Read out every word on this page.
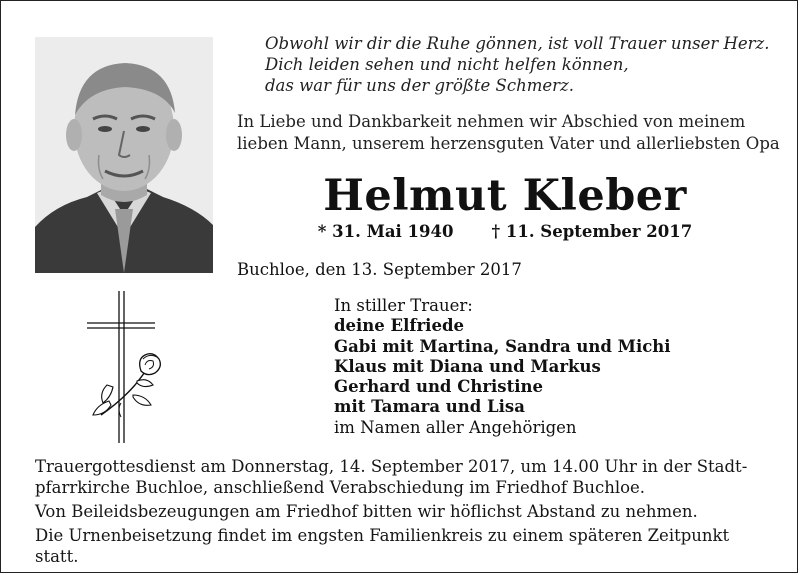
Obwohl wir dir die Ruhe gönnen, ist voll Trauer unser Herz.
Dich leiden sehen und nicht helfen können,
das war für uns der größte Schmerz.
In Liebe und Dankbarkeit nehmen wir Abschied von meinem
lieben Mann, unserem herzensguten Vater und allerliebsten Opa
Helmut Kleber
* 31. Mai 1940 † 11. September 2017
Buchloe, den 13. September 2017
In stiller Trauer:
deine Elfriede
Gabi mit Martina, Sandra und Michi
Klaus mit Diana und Markus
Gerhard und Christine
mit Tamara und Lisa
im Namen aller Angehörigen

Trauergottesdienst am Donnerstag, 14. September 2017, um 14.00 Uhr in der Stadt-pfarrkirche Buchloe, anschließend Verabschiedung im Friedhof Buchloe.

Von Beileidsbezeugungen am Friedhof bitten wir höflichst Abstand zu nehmen.

Die Urnenbeisetzung findet im engsten Familienkreis zu einem späteren Zeitpunkt statt.
